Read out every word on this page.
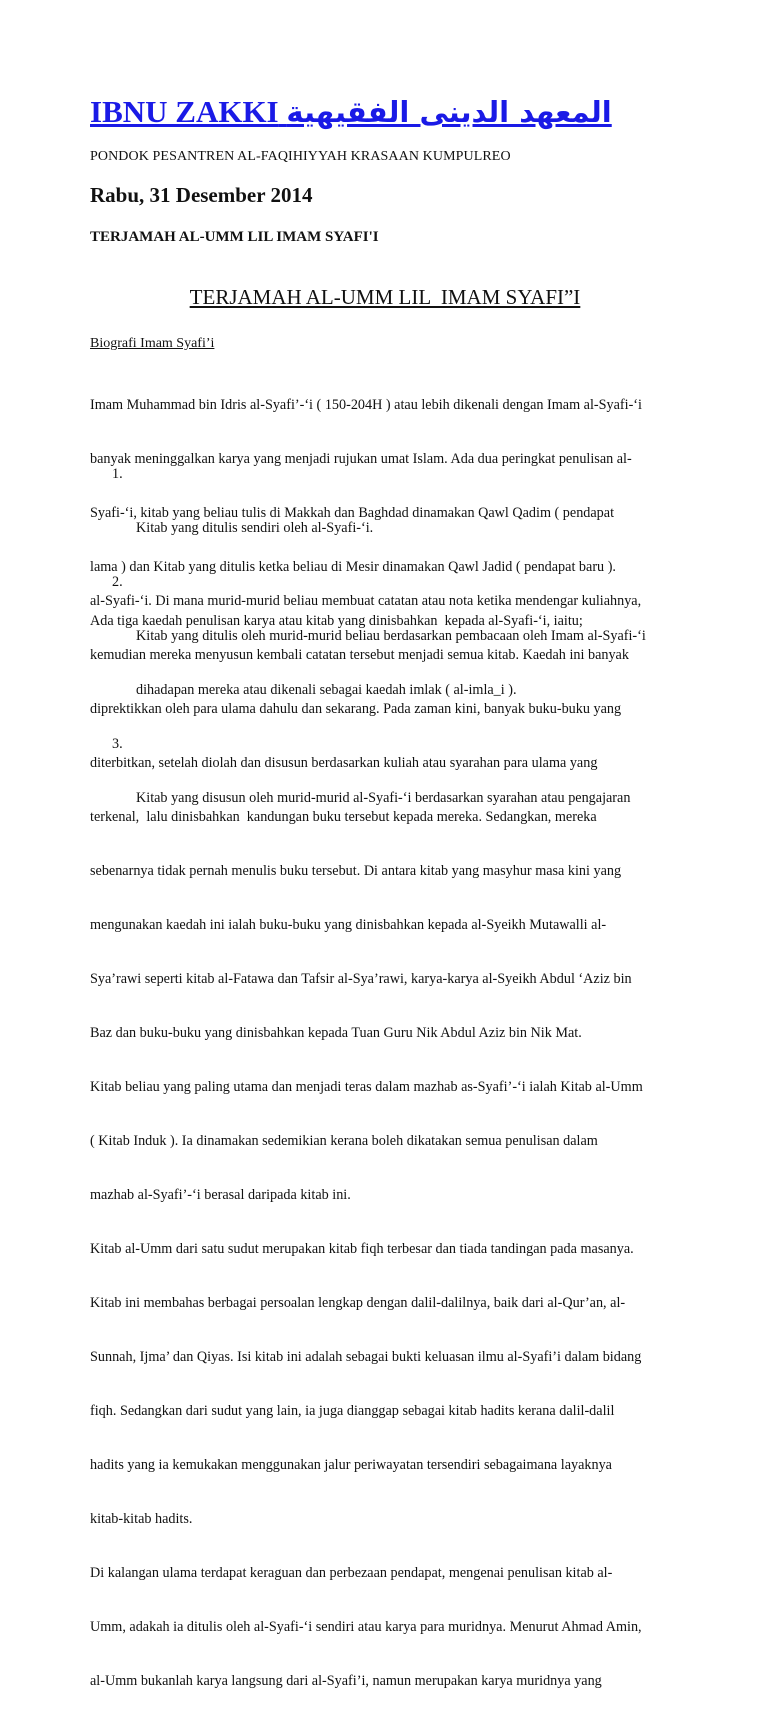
IBNU ZAKKI المعهد الدينى الفقيهية
PONDOK PESANTREN AL-FAQIHIYYAH KRASAAN KUMPULREO
Rabu, 31 Desember 2014
TERJAMAH AL-UMM LIL IMAM SYAFI'I
TERJAMAH AL-UMM LIL  IMAM SYAFI”I
Biografi Imam Syafi’i

Imam Muhammad bin Idris al-Syafi’-‘i ( 150-204H ) atau lebih dikenali dengan Imam al-Syafi-‘i

banyak meninggalkan karya yang menjadi rujukan umat Islam. Ada dua peringkat penulisan al-

Syafi-‘i, kitab yang beliau tulis di Makkah dan Baghdad dinamakan Qawl Qadim ( pendapat

lama ) dan Kitab yang ditulis ketka beliau di Mesir dinamakan Qawl Jadid ( pendapat baru ).

Ada tiga kaedah penulisan karya atau kitab yang dinisbahkan  kepada al-Syafi-‘i, iaitu;

1.

Kitab yang ditulis sendiri oleh al-Syafi-‘i.

2.

Kitab yang ditulis oleh murid-murid beliau berdasarkan pembacaan oleh Imam al-Syafi-‘i

dihadapan mereka atau dikenali sebagai kaedah imlak ( al-imla_i ).

3.

Kitab yang disusun oleh murid-murid al-Syafi-‘i berdasarkan syarahan atau pengajaran

al-Syafi-‘i. Di mana murid-murid beliau membuat catatan atau nota ketika mendengar kuliahnya,

kemudian mereka menyusun kembali catatan tersebut menjadi semua kitab. Kaedah ini banyak

diprektikkan oleh para ulama dahulu dan sekarang. Pada zaman kini, banyak buku-buku yang

diterbitkan, setelah diolah dan disusun berdasarkan kuliah atau syarahan para ulama yang

terkenal,  lalu dinisbahkan  kandungan buku tersebut kepada mereka. Sedangkan, mereka

sebenarnya tidak pernah menulis buku tersebut. Di antara kitab yang masyhur masa kini yang

mengunakan kaedah ini ialah buku-buku yang dinisbahkan kepada al-Syeikh Mutawalli al-

Sya’rawi seperti kitab al-Fatawa dan Tafsir al-Sya’rawi, karya-karya al-Syeikh Abdul ‘Aziz bin

Baz dan buku-buku yang dinisbahkan kepada Tuan Guru Nik Abdul Aziz bin Nik Mat.

Kitab beliau yang paling utama dan menjadi teras dalam mazhab as-Syafi’-‘i ialah Kitab al-Umm

( Kitab Induk ). Ia dinamakan sedemikian kerana boleh dikatakan semua penulisan dalam

mazhab al-Syafi’-‘i berasal daripada kitab ini.

Kitab al-Umm dari satu sudut merupakan kitab fiqh terbesar dan tiada tandingan pada masanya.

Kitab ini membahas berbagai persoalan lengkap dengan dalil-dalilnya, baik dari al-Qur’an, al-

Sunnah, Ijma’ dan Qiyas. Isi kitab ini adalah sebagai bukti keluasan ilmu al-Syafi’i dalam bidang

fiqh. Sedangkan dari sudut yang lain, ia juga dianggap sebagai kitab hadits kerana dalil-dalil

hadits yang ia kemukakan menggunakan jalur periwayatan tersendiri sebagaimana layaknya

kitab-kitab hadits.

Di kalangan ulama terdapat keraguan dan perbezaan pendapat, mengenai penulisan kitab al-

Umm, adakah ia ditulis oleh al-Syafi-‘i sendiri atau karya para muridnya. Menurut Ahmad Amin,

al-Umm bukanlah karya langsung dari al-Syafi’i, namun merupakan karya muridnya yang
